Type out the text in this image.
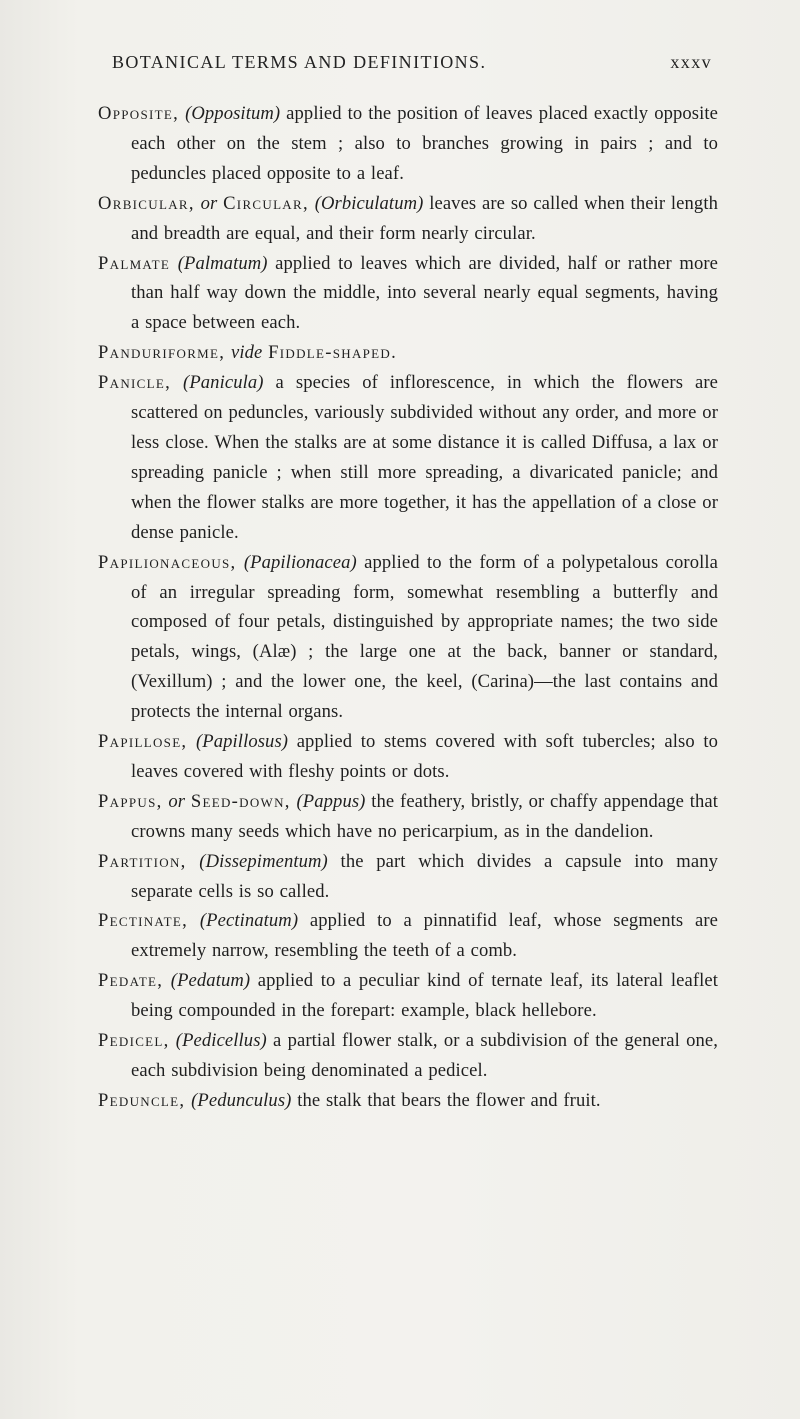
BOTANICAL TERMS AND DEFINITIONS.	xxxv

Opposite, (Oppositum) applied to the position of leaves placed exactly opposite each other on the stem ; also to branches growing in pairs ; and to peduncles placed opposite to a leaf.

Orbicular, or Circular, (Orbiculatum) leaves are so called when their length and breadth are equal, and their form nearly circular.

Palmate (Palmatum) applied to leaves which are divided, half or rather more than half way down the middle, into several nearly equal segments, having a space between each.

Panduriforme, vide Fiddle-shaped.

Panicle, (Panicula) a species of inflorescence, in which the flowers are scattered on peduncles, variously subdivided without any order, and more or less close. When the stalks are at some distance it is called Diffusa, a lax or spreading panicle ; when still more spreading, a divaricated panicle; and when the flower stalks are more together, it has the appellation of a close or dense panicle.

Papilionaceous, (Papilionacea) applied to the form of a polypetalous corolla of an irregular spreading form, somewhat resembling a butterfly and composed of four petals, distinguished by appropriate names; the two side petals, wings, (Alæ) ; the large one at the back, banner or standard, (Vexillum) ; and the lower one, the keel, (Carina)—the last contains and protects the internal organs.

Papillose, (Papillosus) applied to stems covered with soft tubercles; also to leaves covered with fleshy points or dots.

Pappus, or Seed-down, (Pappus) the feathery, bristly, or chaffy appendage that crowns many seeds which have no pericarpium, as in the dandelion.

Partition, (Dissepimentum) the part which divides a capsule into many separate cells is so called.

Pectinate, (Pectinatum) applied to a pinnatifid leaf, whose segments are extremely narrow, resembling the teeth of a comb.

Pedate, (Pedatum) applied to a peculiar kind of ternate leaf, its lateral leaflet being compounded in the forepart: example, black hellebore.

Pedicel, (Pedicellus) a partial flower stalk, or a subdivision of the general one, each subdivision being denominated a pedicel.

Peduncle, (Pedunculus) the stalk that bears the flower and fruit.
